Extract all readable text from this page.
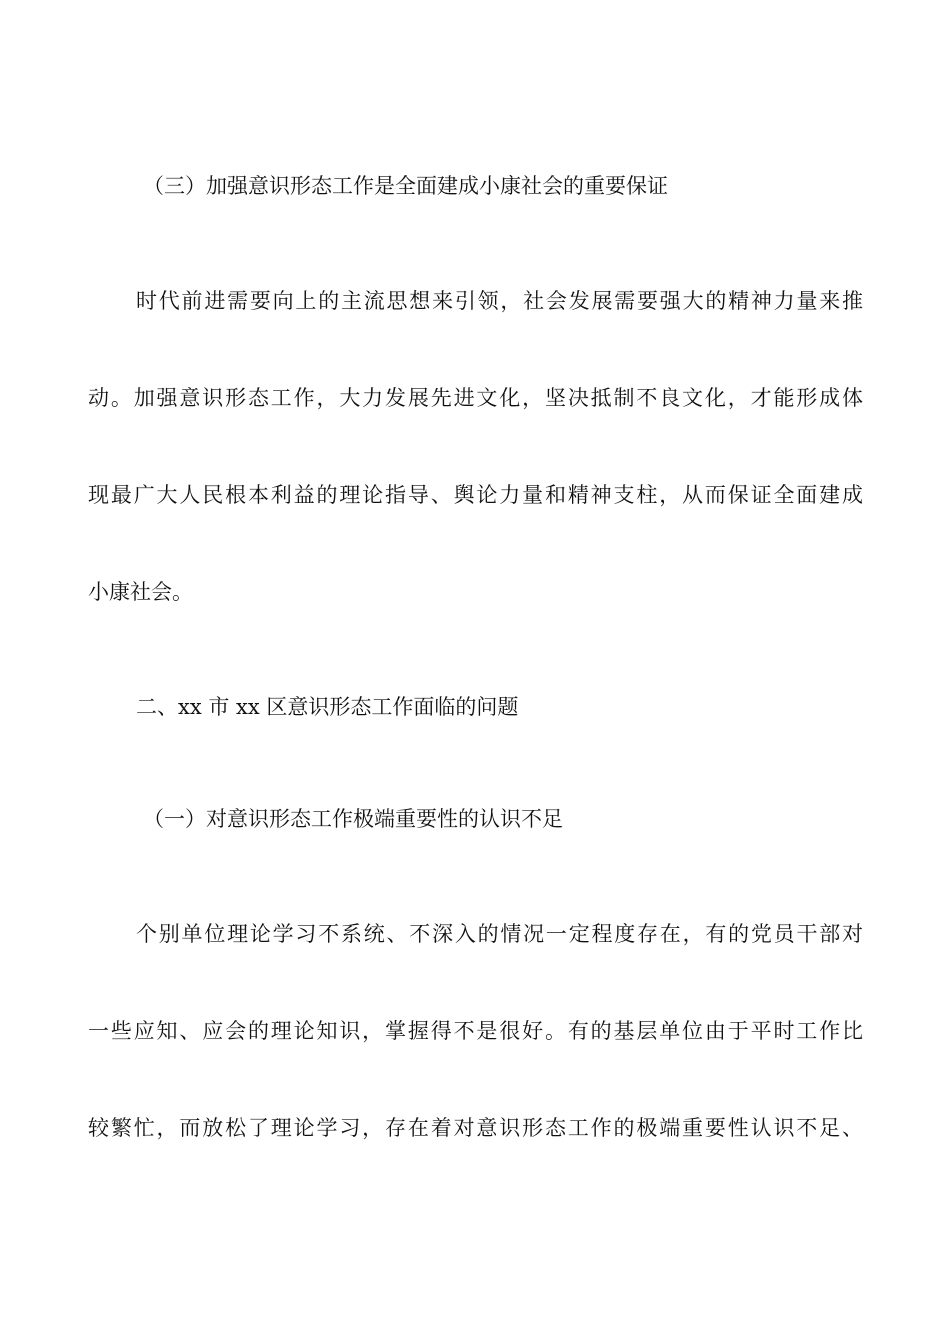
（三）加强意识形态工作是全面建成小康社会的重要保证
时代前进需要向上的主流思想来引领，社会发展需要强大的精神力量来推
动。加强意识形态工作，大力发展先进文化，坚决抵制不良文化，才能形成体
现最广大人民根本利益的理论指导、舆论力量和精神支柱，从而保证全面建成
小康社会。
二、xx 市 xx 区意识形态工作面临的问题
（一）对意识形态工作极端重要性的认识不足
个别单位理论学习不系统、不深入的情况一定程度存在，有的党员干部对
一些应知、应会的理论知识，掌握得不是很好。有的基层单位由于平时工作比
较繁忙，而放松了理论学习，存在着对意识形态工作的极端重要性认识不足、
